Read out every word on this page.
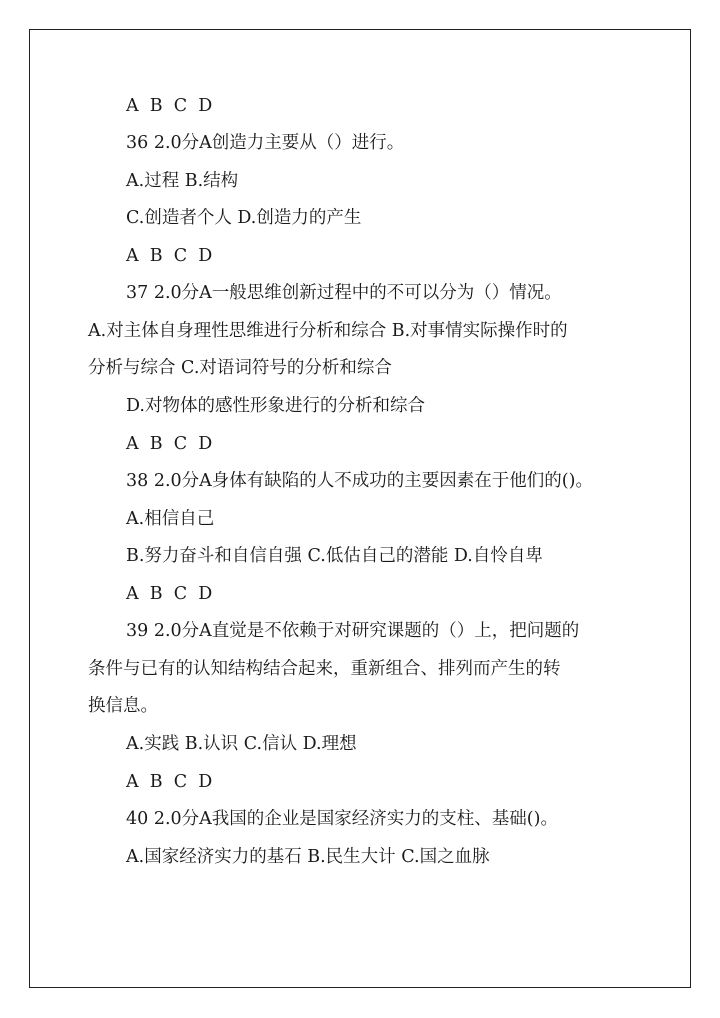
A  B  C  D
36 2.0分A创造力主要从（）进行。
A.过程 B.结构
C.创造者个人 D.创造力的产生
A  B  C  D
37 2.0分A一般思维创新过程中的不可以分为（）情况。
A.对主体自身理性思维进行分析和综合 B.对事情实际操作时的
分析与综合 C.对语词符号的分析和综合
D.对物体的感性形象进行的分析和综合
A  B  C  D
38 2.0分A身体有缺陷的人不成功的主要因素在于他们的()。
A.相信自己
B.努力奋斗和自信自强 C.低估自己的潜能 D.自怜自卑
A  B  C  D
39 2.0分A直觉是不依赖于对研究课题的（）上，把问题的
条件与已有的认知结构结合起来，重新组合、排列而产生的转
换信息。
A.实践 B.认识 C.信认 D.理想
A  B  C  D
40 2.0分A我国的企业是国家经济实力的支柱、基础()。
A.国家经济实力的基石 B.民生大计 C.国之血脉
